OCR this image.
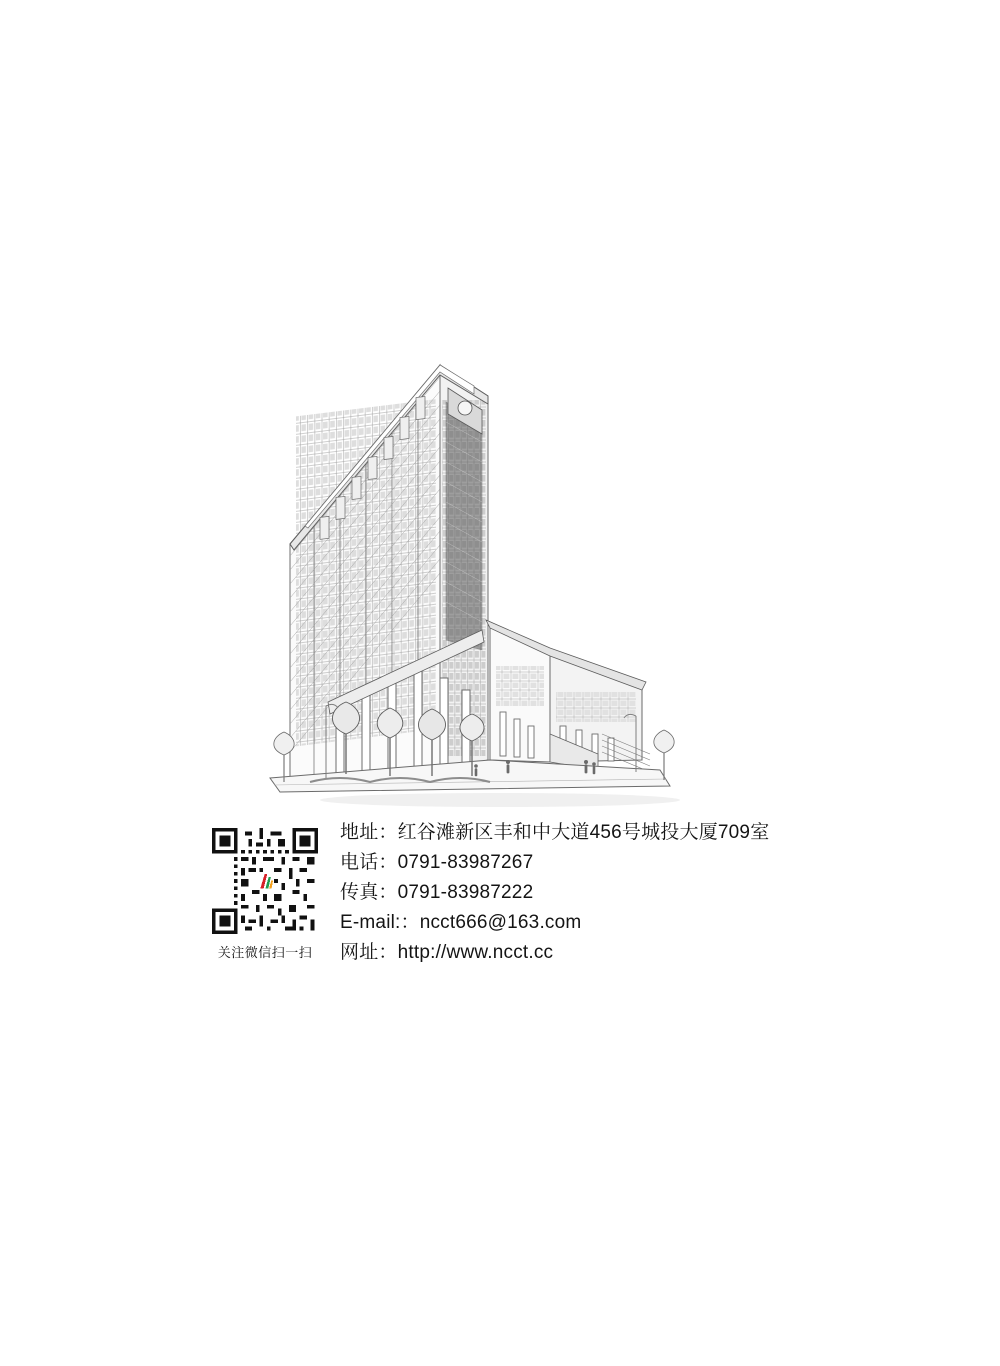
关注微信扫一扫
地址：红谷滩新区丰和中大道456号城投大厦709室
电话：0791-83987267
传真：0791-83987222
E-mail:：ncct666@163.com
网址：http://www.ncct.cc
